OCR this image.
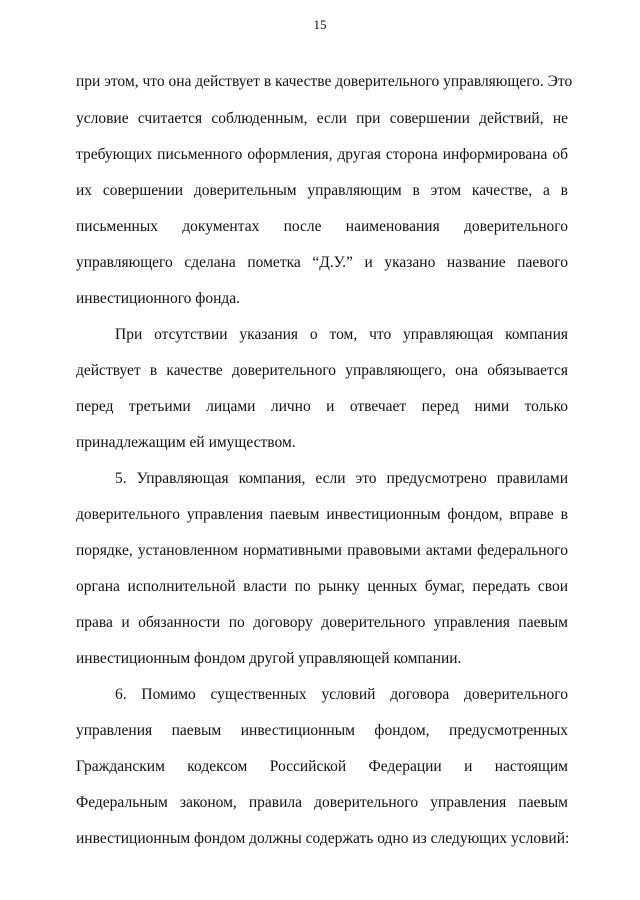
15
при этом, что она действует в качестве доверительного управляющего. Это
условие считается соблюденным, если при совершении действий, не
требующих письменного оформления, другая сторона информирована об
их совершении доверительным управляющим в этом качестве, а в
письменных документах после наименования доверительного
управляющего сделана пометка “Д.У.” и указано название паевого
инвестиционного фонда.
При отсутствии указания о том, что управляющая компания
действует в качестве доверительного управляющего, она обязывается
перед третьими лицами лично и отвечает перед ними только
принадлежащим ей имуществом.
5. Управляющая компания, если это предусмотрено правилами
доверительного управления паевым инвестиционным фондом, вправе в
порядке, установленном нормативными правовыми актами федерального
органа исполнительной власти по рынку ценных бумаг, передать свои
права и обязанности по договору доверительного управления паевым
инвестиционным фондом другой управляющей компании.
6. Помимо существенных условий договора доверительного
управления паевым инвестиционным фондом, предусмотренных
Гражданским кодексом Российской Федерации и настоящим
Федеральным законом, правила доверительного управления паевым
инвестиционным фондом должны содержать одно из следующих условий:
